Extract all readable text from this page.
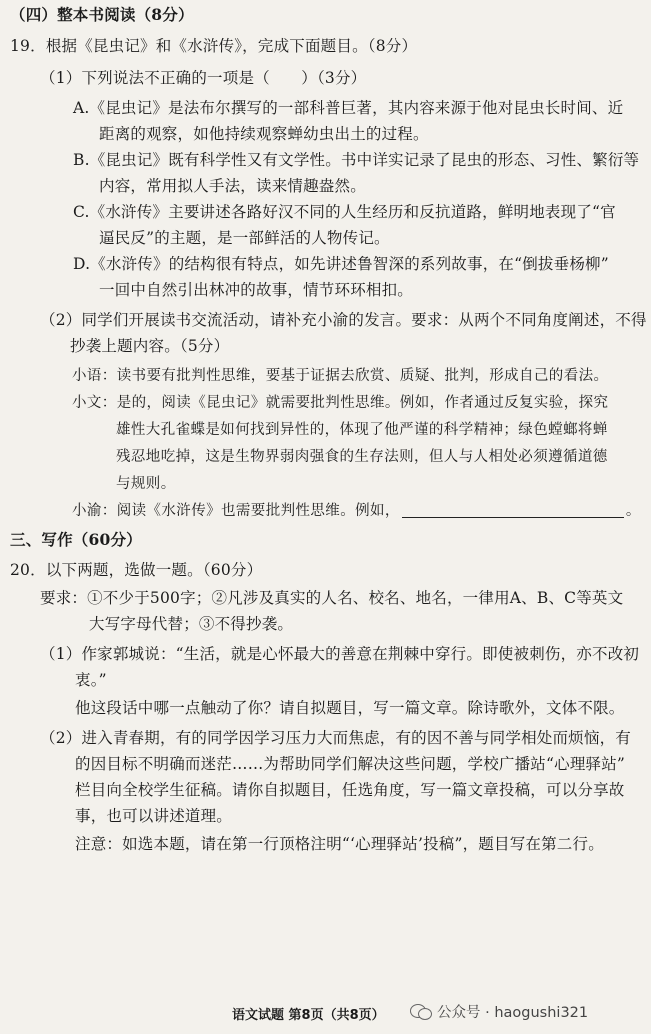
（四）整本书阅读（8分）
19．根据《昆虫记》和《水浒传》，完成下面题目。（8分）
（1）下列说法不正确的一项是（　　）（3分）
A.《昆虫记》是法布尔撰写的一部科普巨著，其内容来源于他对昆虫长时间、近
距离的观察，如他持续观察蝉幼虫出土的过程。
B.《昆虫记》既有科学性又有文学性。书中详实记录了昆虫的形态、习性、繁衍等
内容，常用拟人手法，读来情趣盎然。
C.《水浒传》主要讲述各路好汉不同的人生经历和反抗道路，鲜明地表现了“官
逼民反”的主题，是一部鲜活的人物传记。
D.《水浒传》的结构很有特点，如先讲述鲁智深的系列故事，在“倒拔垂杨柳”
一回中自然引出林冲的故事，情节环环相扣。
（2）同学们开展读书交流活动，请补充小渝的发言。要求：从两个不同角度阐述，不得
抄袭上题内容。（5分）
小语：读书要有批判性思维，要基于证据去欣赏、质疑、批判，形成自己的看法。
小文：是的，阅读《昆虫记》就需要批判性思维。例如，作者通过反复实验，探究
雄性大孔雀蝶是如何找到异性的，体现了他严谨的科学精神；绿色螳螂将蝉
残忍地吃掉，这是生物界弱肉强食的生存法则，但人与人相处必须遵循道德
与规则。
小渝：阅读《水浒传》也需要批判性思维。例如，	。
三、写作（60分）
20．以下两题，选做一题。（60分）
要求：①不少于500字；②凡涉及真实的人名、校名、地名，一律用A、B、C等英文
大写字母代替；③不得抄袭。
（1）作家郭城说：“生活，就是心怀最大的善意在荆棘中穿行。即使被刺伤，亦不改初
衷。”
他这段话中哪一点触动了你？请自拟题目，写一篇文章。除诗歌外，文体不限。
（2）进入青春期，有的同学因学习压力大而焦虑，有的因不善与同学相处而烦恼，有
的因目标不明确而迷茫……为帮助同学们解决这些问题，学校广播站“心理驿站”
栏目向全校学生征稿。请你自拟题目，任选角度，写一篇文章投稿，可以分享故
事，也可以讲述道理。
注意：如选本题，请在第一行顶格注明“‘心理驿站’投稿”，题目写在第二行。
语文试题 第8页（共8页）	公众号 · haogushi321
